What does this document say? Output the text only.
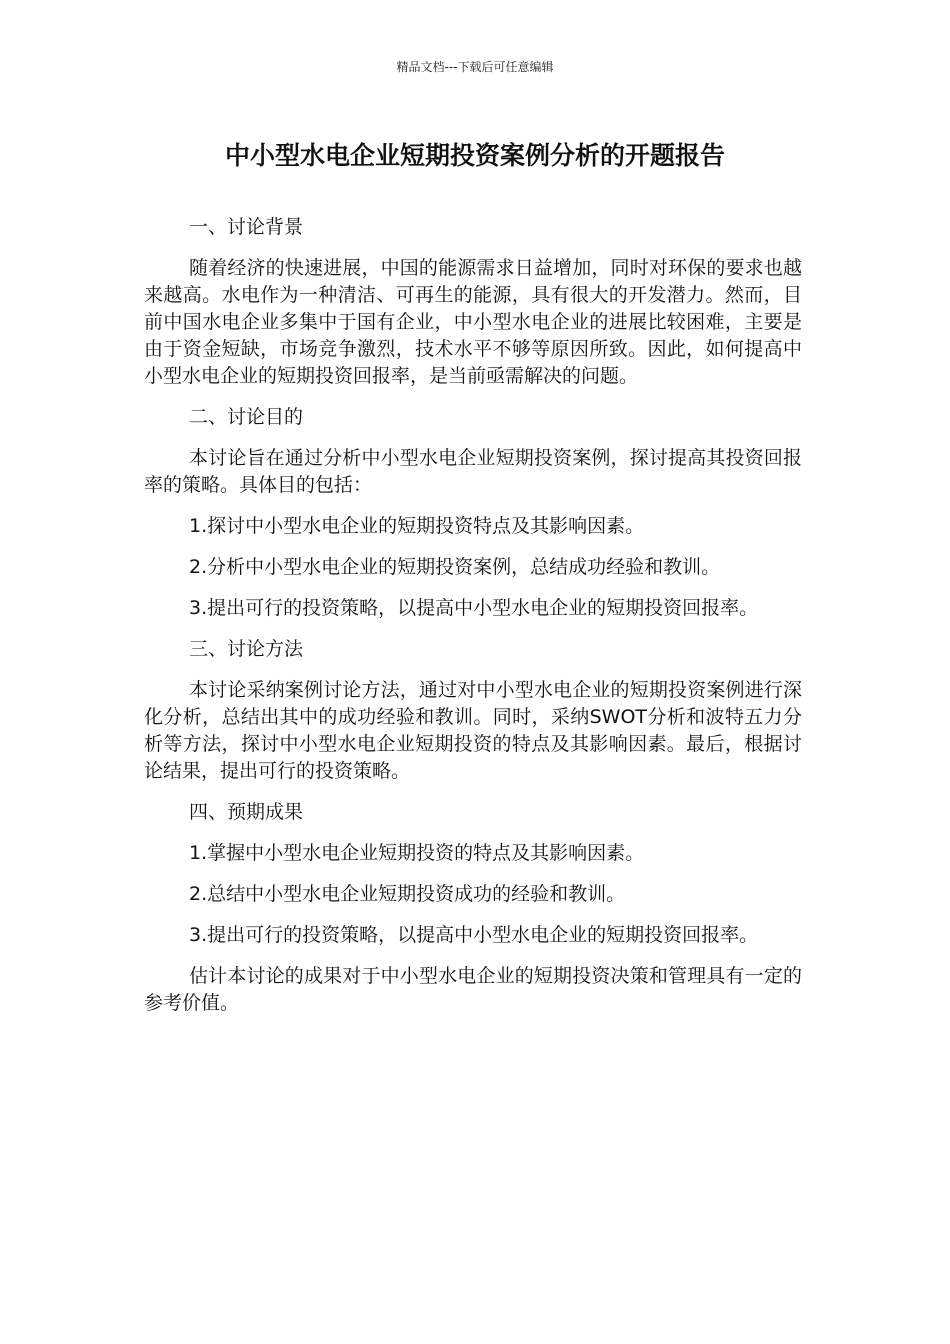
精品文档---下载后可任意编辑
中小型水电企业短期投资案例分析的开题报告

一、讨论背景

随着经济的快速进展，中国的能源需求日益增加，同时对环保的要求也越来越高。水电作为一种清洁、可再生的能源，具有很大的开发潜力。然而，目前中国水电企业多集中于国有企业，中小型水电企业的进展比较困难，主要是由于资金短缺，市场竞争激烈，技术水平不够等原因所致。因此，如何提高中小型水电企业的短期投资回报率，是当前亟需解决的问题。

二、讨论目的

本讨论旨在通过分析中小型水电企业短期投资案例，探讨提高其投资回报率的策略。具体目的包括：

1.探讨中小型水电企业的短期投资特点及其影响因素。

2.分析中小型水电企业的短期投资案例，总结成功经验和教训。

3.提出可行的投资策略，以提高中小型水电企业的短期投资回报率。

三、讨论方法

本讨论采纳案例讨论方法，通过对中小型水电企业的短期投资案例进行深化分析，总结出其中的成功经验和教训。同时，采纳SWOT分析和波特五力分析等方法，探讨中小型水电企业短期投资的特点及其影响因素。最后，根据讨论结果，提出可行的投资策略。

四、预期成果

1.掌握中小型水电企业短期投资的特点及其影响因素。

2.总结中小型水电企业短期投资成功的经验和教训。

3.提出可行的投资策略，以提高中小型水电企业的短期投资回报率。

估计本讨论的成果对于中小型水电企业的短期投资决策和管理具有一定的参考价值。
